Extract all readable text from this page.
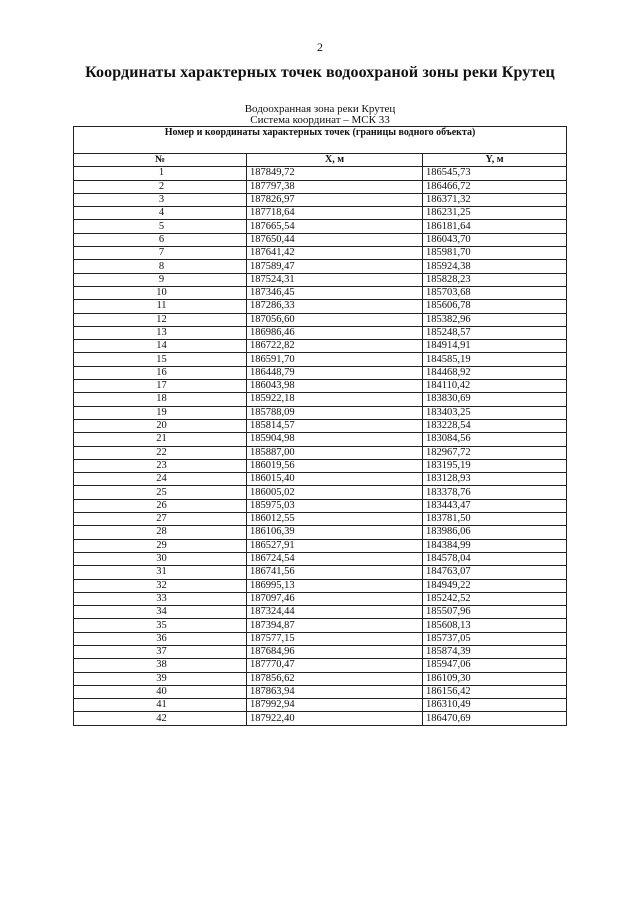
2
Координаты характерных точек водоохраной зоны реки Крутец
Водоохранная зона реки Крутец
Система координат – МСК 33
Номер и координаты характерных точек (границы водного объекта)		
№	X, м	Y, м
1	187849,72	186545,73
2	187797,38	186466,72
3	187826,97	186371,32
4	187718,64	186231,25
5	187665,54	186181,64
6	187650,44	186043,70
7	187641,42	185981,70
8	187589,47	185924,38
9	187524,31	185828,23
10	187346,45	185703,68
11	187286,33	185606,78
12	187056,60	185382,96
13	186986,46	185248,57
14	186722,82	184914,91
15	186591,70	184585,19
16	186448,79	184468,92
17	186043,98	184110,42
18	185922,18	183830,69
19	185788,09	183403,25
20	185814,57	183228,54
21	185904,98	183084,56
22	185887,00	182967,72
23	186019,56	183195,19
24	186015,40	183128,93
25	186005,02	183378,76
26	185975,03	183443,47
27	186012,55	183781,50
28	186106,39	183986,06
29	186527,91	184384,99
30	186724,54	184578,04
31	186741,56	184763,07
32	186995,13	184949,22
33	187097,46	185242,52
34	187324,44	185507,96
35	187394,87	185608,13
36	187577,15	185737,05
37	187684,96	185874,39
38	187770,47	185947,06
39	187856,62	186109,30
40	187863,94	186156,42
41	187992,94	186310,49
42	187922,40	186470,69
